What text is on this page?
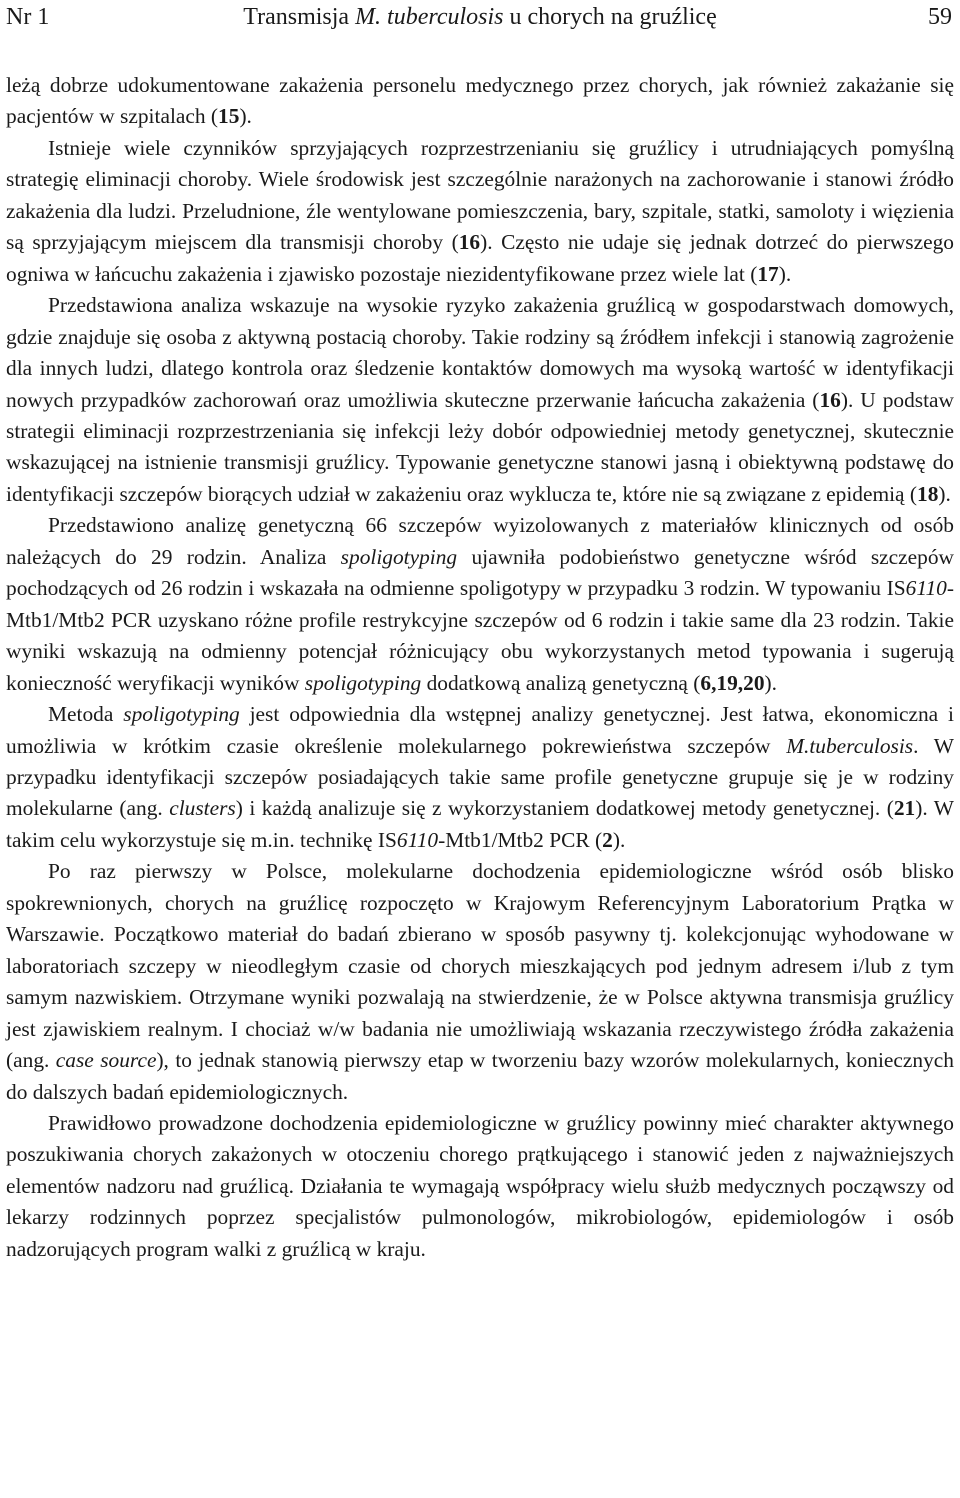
Nr 1	Transmisja M. tuberculosis u chorych na gruźlicę	59

leżą dobrze udokumentowane zakażenia personelu medycznego przez chorych, jak również zakażanie się pacjentów w szpitalach (15).

Istnieje wiele czynników sprzyjających rozprzestrzenianiu się gruźlicy i utrudniających pomyślną strategię eliminacji choroby. Wiele środowisk jest szczególnie narażonych na zachorowanie i stanowi źródło zakażenia dla ludzi. Przeludnione, źle wentylowane pomieszczenia, bary, szpitale, statki, samoloty i więzienia są sprzyjającym miejscem dla transmisji choroby (16). Często nie udaje się jednak dotrzeć do pierwszego ogniwa w łańcuchu zakażenia i zjawisko pozostaje niezidentyfikowane przez wiele lat (17).

Przedstawiona analiza wskazuje na wysokie ryzyko zakażenia gruźlicą w gospodarstwach domowych, gdzie znajduje się osoba z aktywną postacią choroby. Takie rodziny są źródłem infekcji i stanowią zagrożenie dla innych ludzi, dlatego kontrola oraz śledzenie kontaktów domowych ma wysoką wartość w identyfikacji nowych przypadków zachorowań oraz umożliwia skuteczne przerwanie łańcucha zakażenia (16). U podstaw strategii eliminacji rozprzestrzeniania się infekcji leży dobór odpowiedniej metody genetycznej, skutecznie wskazującej na istnienie transmisji gruźlicy. Typowanie genetyczne stanowi jasną i obiektywną podstawę do identyfikacji szczepów biorących udział w zakażeniu oraz wyklucza te, które nie są związane z epidemią (18).

Przedstawiono analizę genetyczną 66 szczepów wyizolowanych z materiałów klinicznych od osób należących do 29 rodzin. Analiza spoligotyping ujawniła podobieństwo genetyczne wśród szczepów pochodzących od 26 rodzin i wskazała na odmienne spoligotypy w przypadku 3 rodzin. W typowaniu IS6110-Mtb1/Mtb2 PCR uzyskano różne profile restrykcyjne szczepów od 6 rodzin i takie same dla 23 rodzin. Takie wyniki wskazują na odmienny potencjał różnicujący obu wykorzystanych metod typowania i sugerują konieczność weryfikacji wyników spoligotyping dodatkową analizą genetyczną (6,19,20).

Metoda spoligotyping jest odpowiednia dla wstępnej analizy genetycznej. Jest łatwa, ekonomiczna i umożliwia w krótkim czasie określenie molekularnego pokrewieństwa szczepów M.tuberculosis. W przypadku identyfikacji szczepów posiadających takie same profile genetyczne grupuje się je w rodziny molekularne (ang. clusters) i każdą analizuje się z wykorzystaniem dodatkowej metody genetycznej. (21). W takim celu wykorzystuje się m.in. technikę IS6110-Mtb1/Mtb2 PCR (2).

Po raz pierwszy w Polsce, molekularne dochodzenia epidemiologiczne wśród osób blisko spokrewnionych, chorych na gruźlicę rozpoczęto w Krajowym Referencyjnym Laboratorium Prątka w Warszawie. Początkowo materiał do badań zbierano w sposób pasywny tj. kolekcjonując wyhodowane w laboratoriach szczepy w nieodległym czasie od chorych mieszkających pod jednym adresem i/lub z tym samym nazwiskiem. Otrzymane wyniki pozwalają na stwierdzenie, że w Polsce aktywna transmisja gruźlicy jest zjawiskiem realnym. I chociaż w/w badania nie umożliwiają wskazania rzeczywistego źródła zakażenia (ang. case source), to jednak stanowią pierwszy etap w tworzeniu bazy wzorów molekularnych, koniecznych do dalszych badań epidemiologicznych.

Prawidłowo prowadzone dochodzenia epidemiologiczne w gruźlicy powinny mieć charakter aktywnego poszukiwania chorych zakażonych w otoczeniu chorego prątkującego i stanowić jeden z najważniejszych elementów nadzoru nad gruźlicą. Działania te wymagają współpracy wielu służb medycznych począwszy od lekarzy rodzinnych poprzez specjalistów pulmonologów, mikrobiologów, epidemiologów i osób nadzorujących program walki z gruźlicą w kraju.
